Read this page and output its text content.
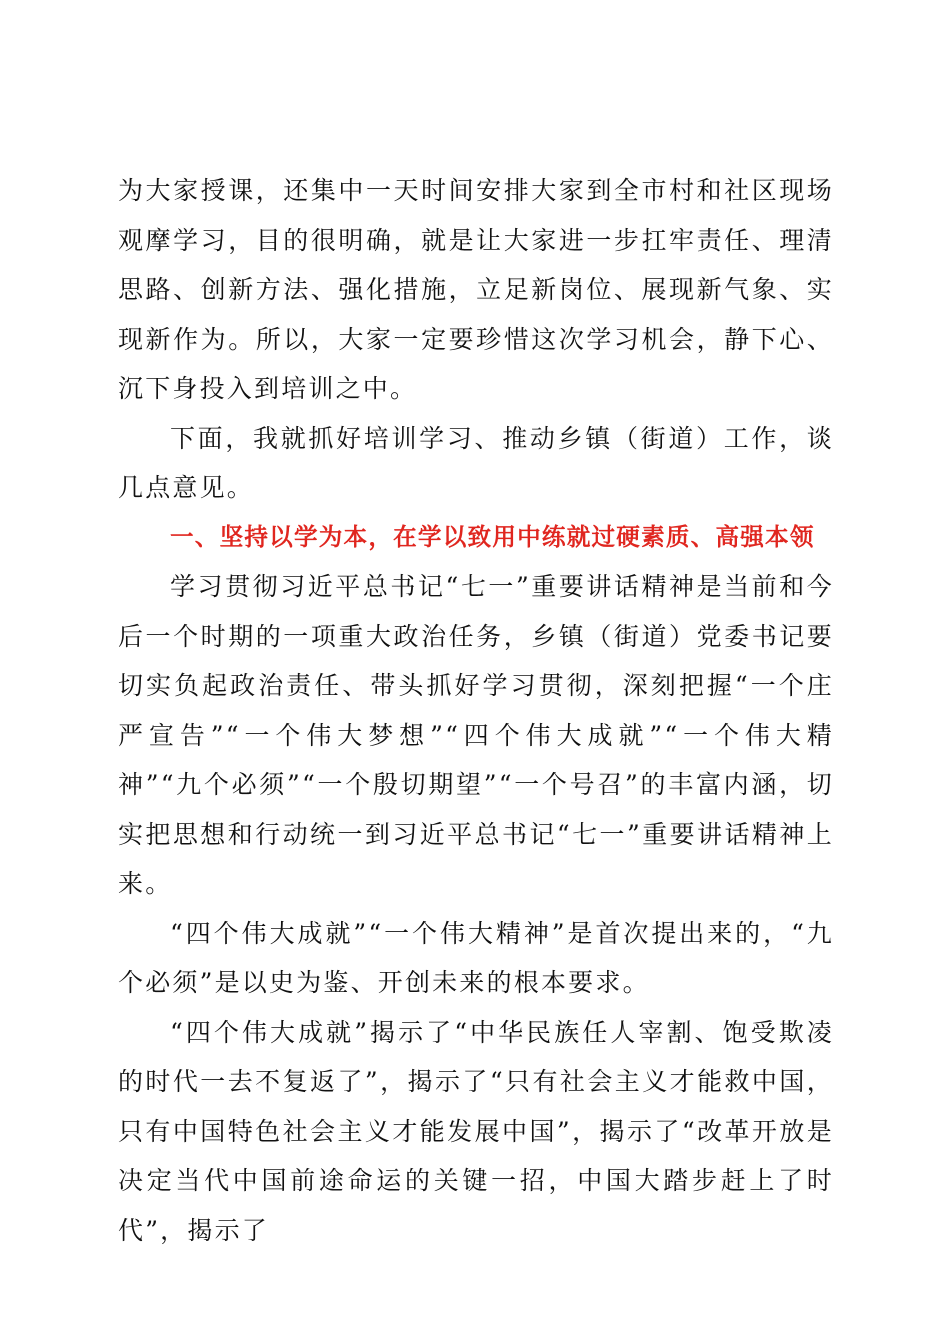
为大家授课，还集中一天时间安排大家到全市村和社区现场观摩学习，目的很明确，就是让大家进一步扛牢责任、理清思路、创新方法、强化措施，立足新岗位、展现新气象、实现新作为。所以，大家一定要珍惜这次学习机会，静下心、沉下身投入到培训之中。

下面，我就抓好培训学习、推动乡镇（街道）工作，谈几点意见。

一、坚持以学为本，在学以致用中练就过硬素质、高强本领

学习贯彻习近平总书记“七一”重要讲话精神是当前和今后一个时期的一项重大政治任务，乡镇（街道）党委书记要切实负起政治责任、带头抓好学习贯彻，深刻把握“一个庄严宣告”“一个伟大梦想”“四个伟大成就”“一个伟大精神”“九个必须”“一个殷切期望”“一个号召”的丰富内涵，切实把思想和行动统一到习近平总书记“七一”重要讲话精神上来。

“四个伟大成就”“一个伟大精神”是首次提出来的，“九个必须”是以史为鉴、开创未来的根本要求。

“四个伟大成就”揭示了“中华民族任人宰割、饱受欺凌的时代一去不复返了”，揭示了“只有社会主义才能救中国，只有中国特色社会主义才能发展中国”，揭示了“改革开放是决定当代中国前途命运的关键一招，中国大踏步赶上了时代”，揭示了
